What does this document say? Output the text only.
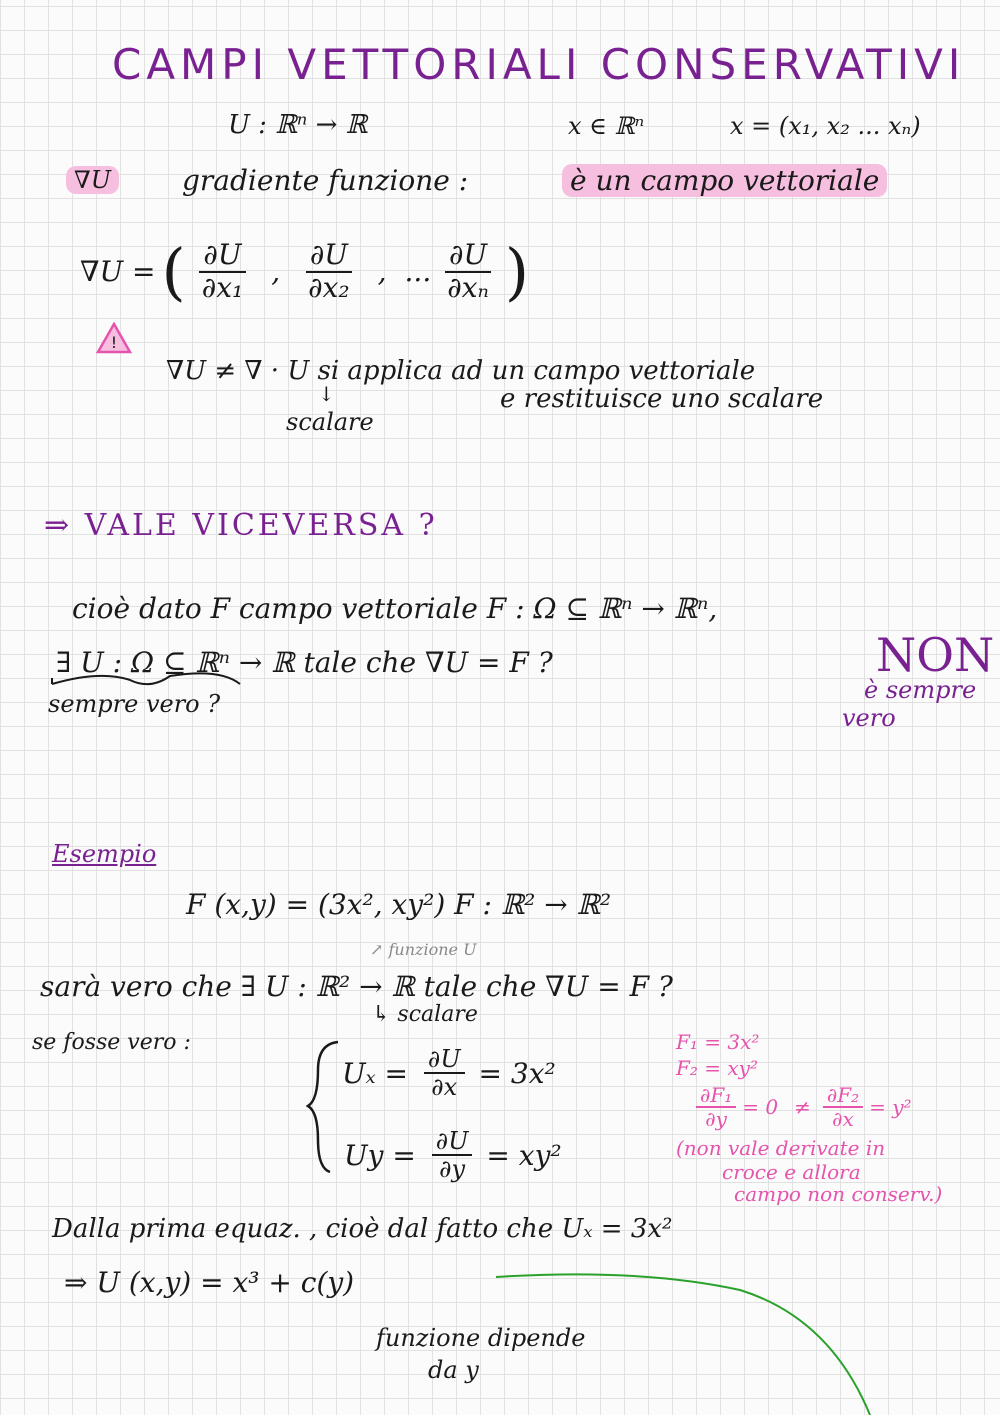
CAMPI VETTORIALI CONSERVATIVI
U : ℝⁿ → ℝ	x ∈ ℝⁿ	x = (x₁, x₂ ... xₙ)
∇U	gradiente funzione :	è un campo vettoriale
∇U = ( $\frac{\partial U}{\text{∂x₁}}$ , $\frac{\partial U}{\text{∂x₂}}$ , ... $\frac{\partial U}{\text{∂xₙ}}$ )
!
∇U ≠ ∇ · U si applica ad un campo vettoriale
e restituisce uno scalare
↓
scalare
⇒ VALE VICEVERSA ?
cioè dato F campo vettoriale F : Ω ⊆ ℝⁿ → ℝⁿ,
∃ U : Ω ⊆ ℝⁿ → ℝ tale che ∇U = F ?
sempre vero ?
NON
è sempre
vero
Esempio
F (x,y) = (3x², xy²) F : ℝ² → ℝ²
↗ funzione U
sarà vero che ∃ U : ℝ² → ℝ tale che ∇U = F ?
↳ scalare
se fosse vero :
$U_x = \frac{\partial U}{\partial x} = 3x^2$
$Uy = \frac{\partial U}{\partial y} = xy^2$
F₁ = 3x²
F₂ = xy²
$\frac{\text{∂F₁}}{\partial y} = 0 \ne \frac{\text{∂F₂}}{\partial x} = y^2$
(non vale derivate in
croce e allora
campo non conserv.)
Dalla prima equaz. , cioè dal fatto che Uₓ = 3x²
⇒ U (x,y) = x³ + c(y)
funzione dipende
da y
